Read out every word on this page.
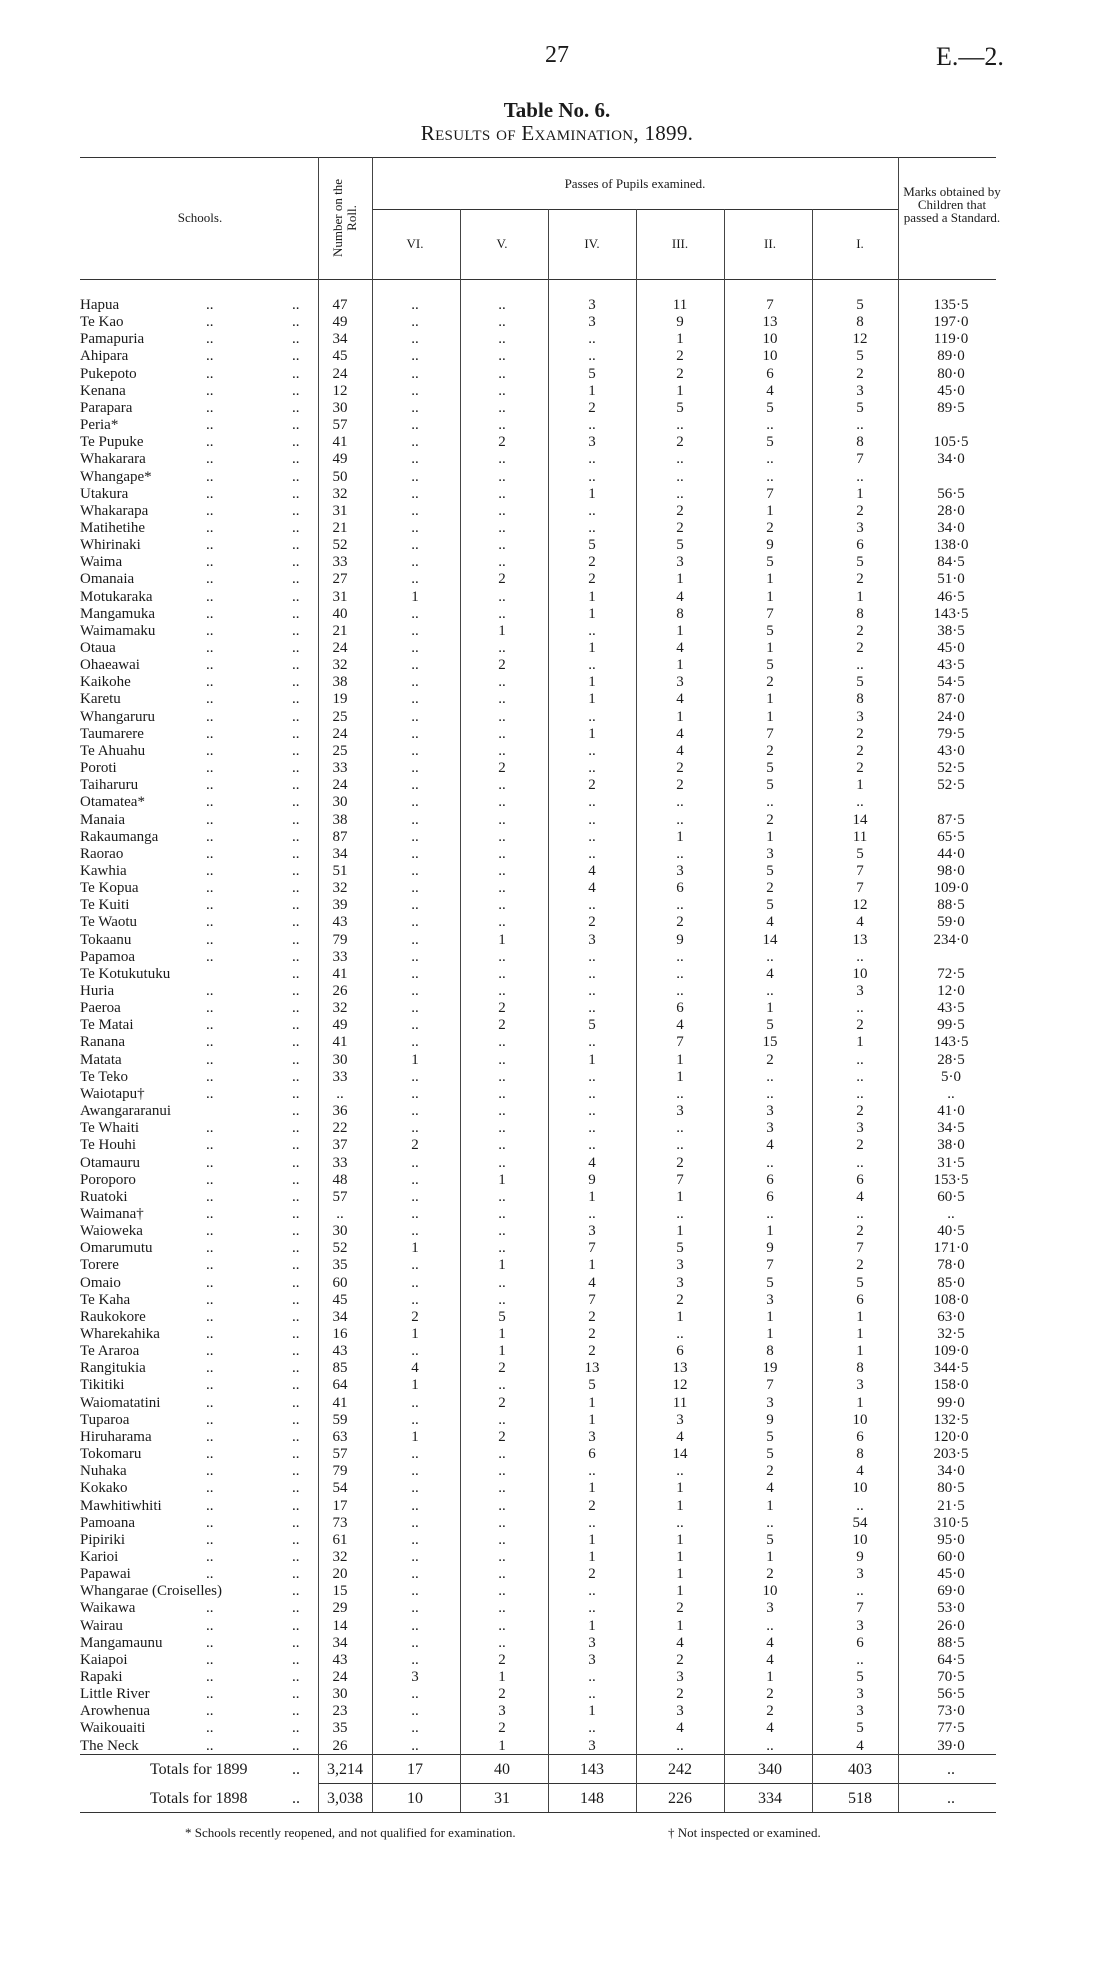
27	E.—2.
Table No. 6.
Results of Examination, 1899.
Schools.	Number on the Roll.
Passes of Pupils examined.
VI.	V.	IV.	III.	II.	I.
Marks obtained by Children that passed a Standard.
Hapua	..	..	47	..	..	3	11	7	5	135·5
Te Kao	..	..	49	..	..	3	9	13	8	197·0
Pamapuria	..	..	34	..	..	..	1	10	12	119·0
Ahipara	..	..	45	..	..	..	2	10	5	89·0
Pukepoto	..	..	24	..	..	5	2	6	2	80·0
Kenana	..	..	12	..	..	1	1	4	3	45·0
Parapara	..	..	30	..	..	2	5	5	5	89·5
Peria*	..	..	57	..	..	..	..	..	..
Te Pupuke	..	..	41	..	2	3	2	5	8	105·5
Whakarara	..	..	49	..	..	..	..	..	7	34·0
Whangape*	..	..	50	..	..	..	..	..	..
Utakura	..	..	32	..	..	1	..	7	1	56·5
Whakarapa	..	..	31	..	..	..	2	1	2	28·0
Matihetihe	..	..	21	..	..	..	2	2	3	34·0
Whirinaki	..	..	52	..	..	5	5	9	6	138·0
Waima	..	..	33	..	..	2	3	5	5	84·5
Omanaia	..	..	27	..	2	2	1	1	2	51·0
Motukaraka	..	..	31	1	..	1	4	1	1	46·5
Mangamuka	..	..	40	..	..	1	8	7	8	143·5
Waimamaku	..	..	21	..	1	..	1	5	2	38·5
Otaua	..	..	24	..	..	1	4	1	2	45·0
Ohaeawai	..	..	32	..	2	..	1	5	..	43·5
Kaikohe	..	..	38	..	..	1	3	2	5	54·5
Karetu	..	..	19	..	..	1	4	1	8	87·0
Whangaruru	..	..	25	..	..	..	1	1	3	24·0
Taumarere	..	..	24	..	..	1	4	7	2	79·5
Te Ahuahu	..	..	25	..	..	..	4	2	2	43·0
Poroti	..	..	33	..	2	..	2	5	2	52·5
Taiharuru	..	..	24	..	..	2	2	5	1	52·5
Otamatea*	..	..	30	..	..	..	..	..	..
Manaia	..	..	38	..	..	..	..	2	14	87·5
Rakaumanga	..	..	87	..	..	..	1	1	11	65·5
Raorao	..	..	34	..	..	..	..	3	5	44·0
Kawhia	..	..	51	..	..	4	3	5	7	98·0
Te Kopua	..	..	32	..	..	4	6	2	7	109·0
Te Kuiti	..	..	39	..	..	..	..	5	12	88·5
Te Waotu	..	..	43	..	..	2	2	4	4	59·0
Tokaanu	..	..	79	..	1	3	9	14	13	234·0
Papamoa	..	..	33	..	..	..	..	..	..
Te Kotukutuku	..	41	..	..	..	..	4	10	72·5
Huria	..	..	26	..	..	..	..	..	3	12·0
Paeroa	..	..	32	..	2	..	6	1	..	43·5
Te Matai	..	..	49	..	2	5	4	5	2	99·5
Ranana	..	..	41	..	..	..	7	15	1	143·5
Matata	..	..	30	1	..	1	1	2	..	28·5
Te Teko	..	..	33	..	..	..	1	..	..	5·0
Waiotapu†	..	..	..	..	..	..	..	..	..	..
Awangararanui	..	36	..	..	..	3	3	2	41·0
Te Whaiti	..	..	22	..	..	..	..	3	3	34·5
Te Houhi	..	..	37	2	..	..	..	4	2	38·0
Otamauru	..	..	33	..	..	4	2	..	..	31·5
Poroporo	..	..	48	..	1	9	7	6	6	153·5
Ruatoki	..	..	57	..	..	1	1	6	4	60·5
Waimana†	..	..	..	..	..	..	..	..	..	..
Waioweka	..	..	30	..	..	3	1	1	2	40·5
Omarumutu	..	..	52	1	..	7	5	9	7	171·0
Torere	..	..	35	..	1	1	3	7	2	78·0
Omaio	..	..	60	..	..	4	3	5	5	85·0
Te Kaha	..	..	45	..	..	7	2	3	6	108·0
Raukokore	..	..	34	2	5	2	1	1	1	63·0
Wharekahika	..	..	16	1	1	2	..	1	1	32·5
Te Araroa	..	..	43	..	1	2	6	8	1	109·0
Rangitukia	..	..	85	4	2	13	13	19	8	344·5
Tikitiki	..	..	64	1	..	5	12	7	3	158·0
Waiomatatini	..	..	41	..	2	1	11	3	1	99·0
Tuparoa	..	..	59	..	..	1	3	9	10	132·5
Hiruharama	..	..	63	1	2	3	4	5	6	120·0
Tokomaru	..	..	57	..	..	6	14	5	8	203·5
Nuhaka	..	..	79	..	..	..	..	2	4	34·0
Kokako	..	..	54	..	..	1	1	4	10	80·5
Mawhitiwhiti	..	..	17	..	..	2	1	1	..	21·5
Pamoana	..	..	73	..	..	..	..	..	54	310·5
Pipiriki	..	..	61	..	..	1	1	5	10	95·0
Karioi	..	..	32	..	..	1	1	1	9	60·0
Papawai	..	..	20	..	..	2	1	2	3	45·0
Whangarae (Croiselles)	..	15	..	..	..	1	10	..	69·0
Waikawa	..	..	29	..	..	..	2	3	7	53·0
Wairau	..	..	14	..	..	1	1	..	3	26·0
Mangamaunu	..	..	34	..	..	3	4	4	6	88·5
Kaiapoi	..	..	43	..	2	3	2	4	..	64·5
Rapaki	..	..	24	3	1	..	3	1	5	70·5
Little River	..	..	30	..	2	..	2	2	3	56·5
Arowhenua	..	..	23	..	3	1	3	2	3	73·0
Waikouaiti	..	..	35	..	2	..	4	4	5	77·5
The Neck	..	..	26	..	1	3	..	..	4	39·0
Totals for 1899	..	3,214	17	40	143	242	340	403	..
Totals for 1898	..	3,038	10	31	148	226	334	518	..
* Schools recently reopened, and not qualified for examination.	† Not inspected or examined.
